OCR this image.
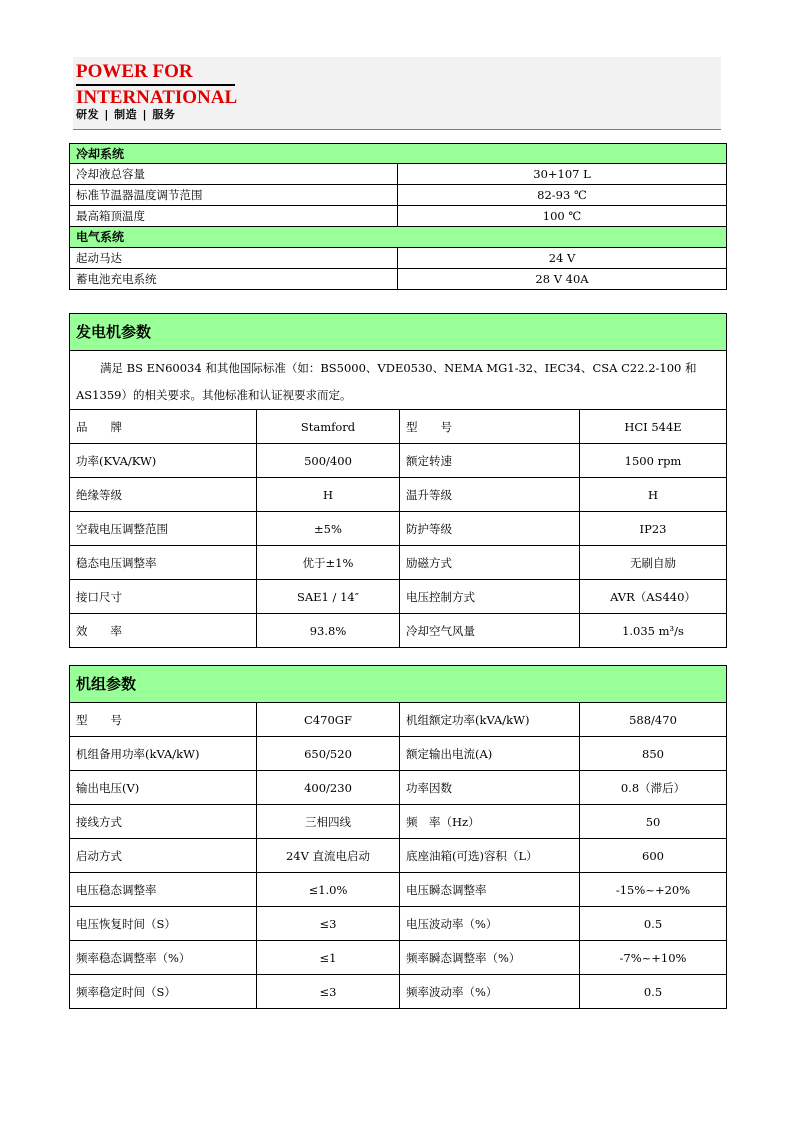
POWER FOR
INTERNATIONAL
研发 | 制造 | 服务
冷却系统	
冷却液总容量	30+107 L
标准节温器温度调节范围	82-93 ℃
最高箱顶温度	100 ℃
电气系统	
起动马达	24 V
蓄电池充电系统	28 V 40A
发电机参数			
满足 BS EN60034 和其他国际标准（如：BS5000、VDE0530、NEMA MG1-32、IEC34、CSA C22.2-100 和 AS1359）的相关要求。其他标准和认证视要求而定。			
品　　牌	Stamford	型　　号	HCI 544E
功率(KVA/KW)	500/400	额定转速	1500 rpm
绝缘等级	H	温升等级	H
空载电压调整范围	±5%	防护等级	IP23
稳态电压调整率	优于±1%	励磁方式	无刷自励
接口尺寸	SAE1 / 14″	电压控制方式	AVR（AS440）
效　　率	93.8%	冷却空气风量	1.035 m³/s
机组参数			
型　　号	C470GF	机组额定功率(kVA/kW)	588/470
机组备用功率(kVA/kW)	650/520	额定输出电流(A)	850
输出电压(V)	400/230	功率因数	0.8（滞后）
接线方式	三相四线	频　率（Hz）	50
启动方式	24V 直流电启动	底座油箱(可选)容积（L）	600
电压稳态调整率	≤1.0%	电压瞬态调整率	-15%~+20%
电压恢复时间（S）	≤3	电压波动率（%）	0.5
频率稳态调整率（%）	≤1	频率瞬态调整率（%）	-7%~+10%
频率稳定时间（S）	≤3	频率波动率（%）	0.5
